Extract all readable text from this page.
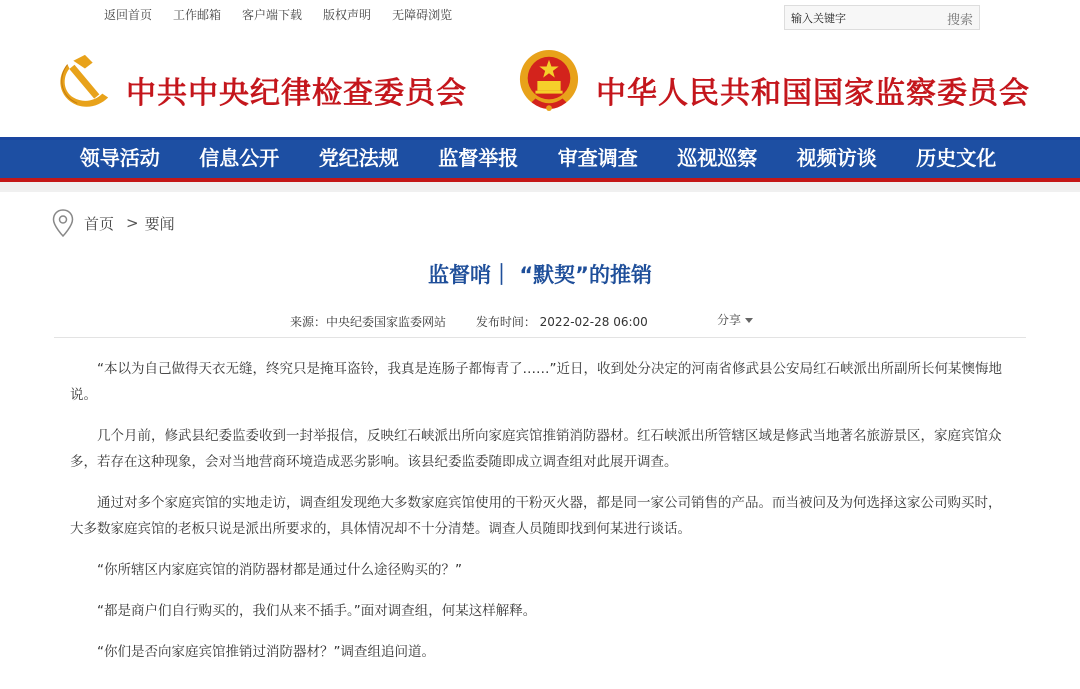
返回首页 工作邮箱 客户端下载 版权声明 无障碍浏览
输入关键字	搜索
中共中央纪律检查委员会	中华人民共和国国家监察委员会
领导活动	信息公开	党纪法规	监督举报	审查调查	巡视巡察	视频访谈	历史文化
首页 > 要闻
监督哨｜ “默契”的推销
来源：中央纪委国家监委网站 发布时间： 2022-02-28 06:00	分享

“本以为自己做得天衣无缝，终究只是掩耳盗铃，我真是连肠子都悔青了……”近日，收到处分决定的河南省修武县公安局红石峡派出所副所长何某懊悔地说。

几个月前，修武县纪委监委收到一封举报信，反映红石峡派出所向家庭宾馆推销消防器材。红石峡派出所管辖区域是修武当地著名旅游景区，家庭宾馆众多，若存在这种现象，会对当地营商环境造成恶劣影响。该县纪委监委随即成立调查组对此展开调查。

通过对多个家庭宾馆的实地走访，调查组发现绝大多数家庭宾馆使用的干粉灭火器，都是同一家公司销售的产品。而当被问及为何选择这家公司购买时，大多数家庭宾馆的老板只说是派出所要求的，具体情况却不十分清楚。调查人员随即找到何某进行谈话。

“你所辖区内家庭宾馆的消防器材都是通过什么途径购买的？”

“都是商户们自行购买的，我们从来不插手。”面对调查组，何某这样解释。

“你们是否向家庭宾馆推销过消防器材？”调查组追问道。
